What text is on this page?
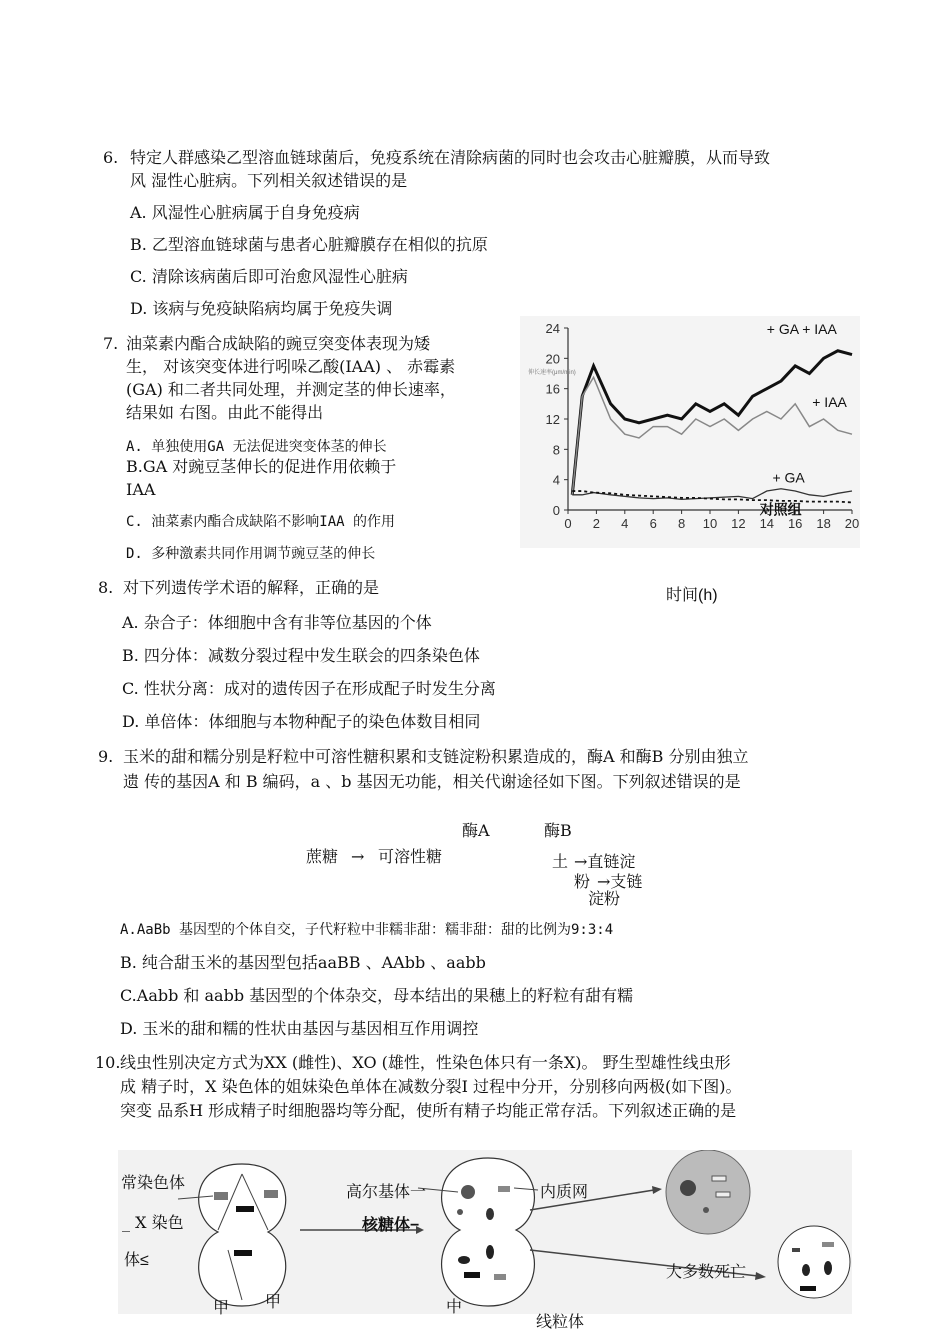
6. 特定人群感染乙型溶血链球菌后，免疫系统在清除病菌的同时也会攻击心脏瓣膜，从而导致
风 湿性心脏病。下列相关叙述错误的是
A. 风湿性心脏病属于自身免疫病
B. 乙型溶血链球菌与患者心脏瓣膜存在相似的抗原
C. 清除该病菌后即可治愈风湿性心脏病
D. 该病与免疫缺陷病均属于免疫失调
7. 油菜素内酯合成缺陷的豌豆突变体表现为矮
生， 对该突变体进行吲哚乙酸(IAA) 、 赤霉素
(GA) 和二者共同处理，并测定茎的伸长速率，
结果如 右图。由此不能得出
A. 单独使用GA 无法促进突变体茎的伸长
B.GA 对豌豆茎伸长的促进作用依赖于
IAA
C. 油菜素内酯合成缺陷不影响IAA 的作用
D. 多种激素共同作用调节豌豆茎的伸长
0
4
8
12
16
20
24
0 2 4 6 8 10 12 14 16 18 20
伸长速率(μm/min)
+ GA + IAA
+ IAA
+ GA
对照组
时间(h)
8. 对下列遗传学术语的解释，正确的是
A. 杂合子：体细胞中含有非等位基因的个体
B. 四分体：减数分裂过程中发生联会的四条染色体
C. 性状分离：成对的遗传因子在形成配子时发生分离
D. 单倍体：体细胞与本物种配子的染色体数目相同
9. 玉米的甜和糯分别是籽粒中可溶性糖积累和支链淀粉积累造成的，酶A 和酶B 分别由独立
遗 传的基因A 和 B 编码，a 、b 基因无功能，相关代谢途径如下图。下列叙述错误的是
酶A	酶B
蔗糖 → 可溶性糖	土 →直链淀
粉 →支链
淀粉
A.AaBb 基因型的个体自交，子代籽粒中非糯非甜：糯非甜：甜的比例为9:3:4
B. 纯合甜玉米的基因型包括aaBB 、AAbb 、aabb
C.Aabb 和 aabb 基因型的个体杂交，母本结出的果穗上的籽粒有甜有糯
D. 玉米的甜和糯的性状由基因与基因相互作用调控
10. 线虫性别决定方式为XX (雌性)、XO (雄性，性染色体只有一条X)。 野生型雄性线虫形
成 精子时，X 染色体的姐妹染色单体在减数分裂I 过程中分开，分别移向两极(如下图)。
突变 品系H 形成精子时细胞器均等分配，使所有精子均能正常存活。下列叙述正确的是
常染色体
_ X 染色
体≤
高尔基体一
核糖体−
内质网
大多数死亡
甲 甲	中
线粒体
